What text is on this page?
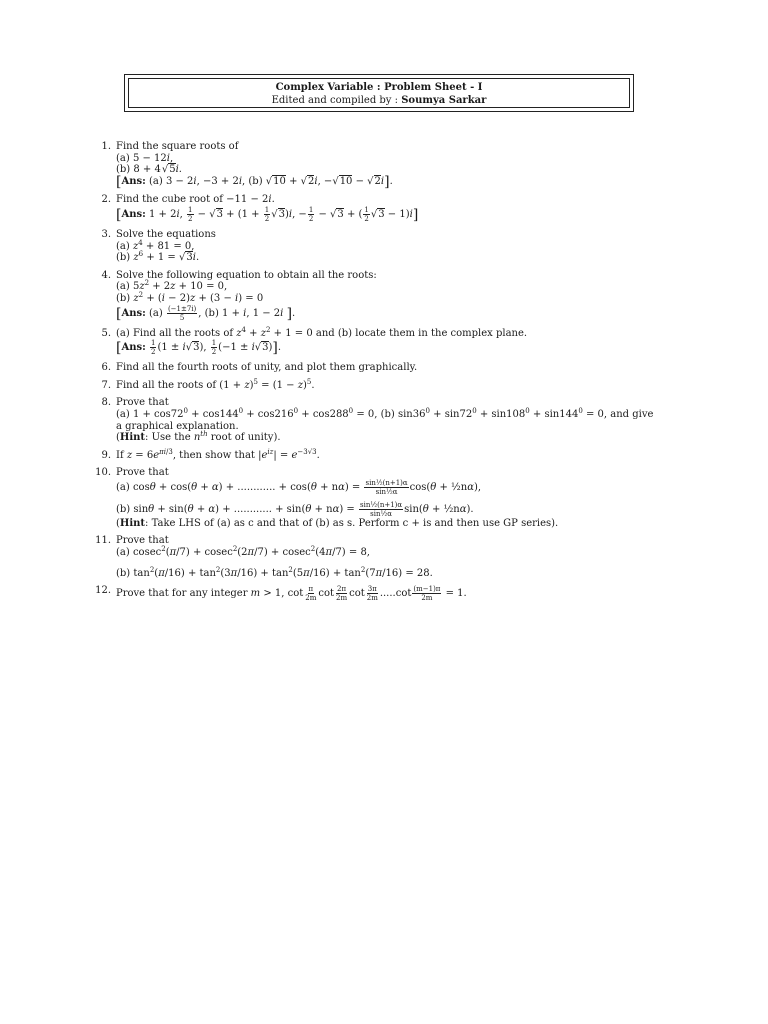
Complex Variable : Problem Sheet - I
Edited and compiled by : Soumya Sarkar
1. Find the square roots of
(a) 5 − 12i,
(b) 8 + 4√5i.
[Ans: (a) 3 − 2i, −3 + 2i, (b) √10 + √2i, −√10 − √2i].
2. Find the cube root of −11 − 2i.
[Ans: 1 + 2i, $\frac{1}{2} - √3 + (1 + \frac{1}{2} √3)i$, − $\frac{1}{2} - √3$ + ( $\frac{1}{2} √3 - 1)i$]
3. Solve the equations
(a) $z^4 + 81 = 0$,
(b) $z^6 + 1 = √3i$.
4. Solve the following equation to obtain all the roots:
(a) $5z^2 + 2z + 10 = 0$,
(b) $z^2 + (i - 2)z + (3 - i) = 0$
[Ans: $(a) \frac{(-1\pm 7i)}{5}$ , (b) 1 + i, 1 − 2i ].
5. (a) Find all the roots of $z^4 + z^2 + 1 = 0$ and (b) locate them in the complex plane.
[Ans: $\frac{1}{2} (1 \pm i√3)$, $\frac{1}{2} (-1 \pm i√3)$].
6. Find all the fourth roots of unity, and plot them graphically.
7. Find all the roots of $(1 + z)^5 = (1 - z)^5$.
8. Prove that
(a) $1 + \cos 72^0 + \cos 144^0 + \cos 216^0 + \cos 288^0 = 0$, (b) $\sin 36^0 + \sin 72^0 + \sin 108^0 + \sin 144^0 = 0$, and give
a graphical explanation.
(Hint: Use the $n^{th}$ root of unity).
9. If $z = 6e^{\pi i/3}$, then show that $|e^{iz}| = e^{-3√3}$.
10. Prove that
(a) cosθ + cos(θ + α) + ............ + $\cos(\theta + n\alpha) = \frac{\text{sin½(n+1)α}}{\text{sin½α}} \cos(\theta$ + ½nα),
(b) sinθ + sin(θ + α) + ............ + $\sin(\theta + n\alpha) = \frac{\text{sin½(n+1)α}}{\text{sin½α}} \sin(\theta$ + ½nα).
(Hint: Take LHS of (a) as c and that of (b) as s. Perform c + is and then use GP series).
11. Prove that
(a) cosec$^2$(π/7) + cosec$^2$(2π/7) + cosec$^2$(4π/7) = 8,
(b) $\tan^2(\pi/16) + \tan^2(3\pi/16) + \tan^2(5\pi/16) + \tan^2(7\pi/16) = 28$.
12. Prove that for any integer m > 1, $\cot \frac{\pi}{2m}$ $\cot \frac{2\pi}{2m}$ $\cot \frac{3\pi}{2m} .....\cot \frac{(m-1)\pi}{2m} = 1$.
